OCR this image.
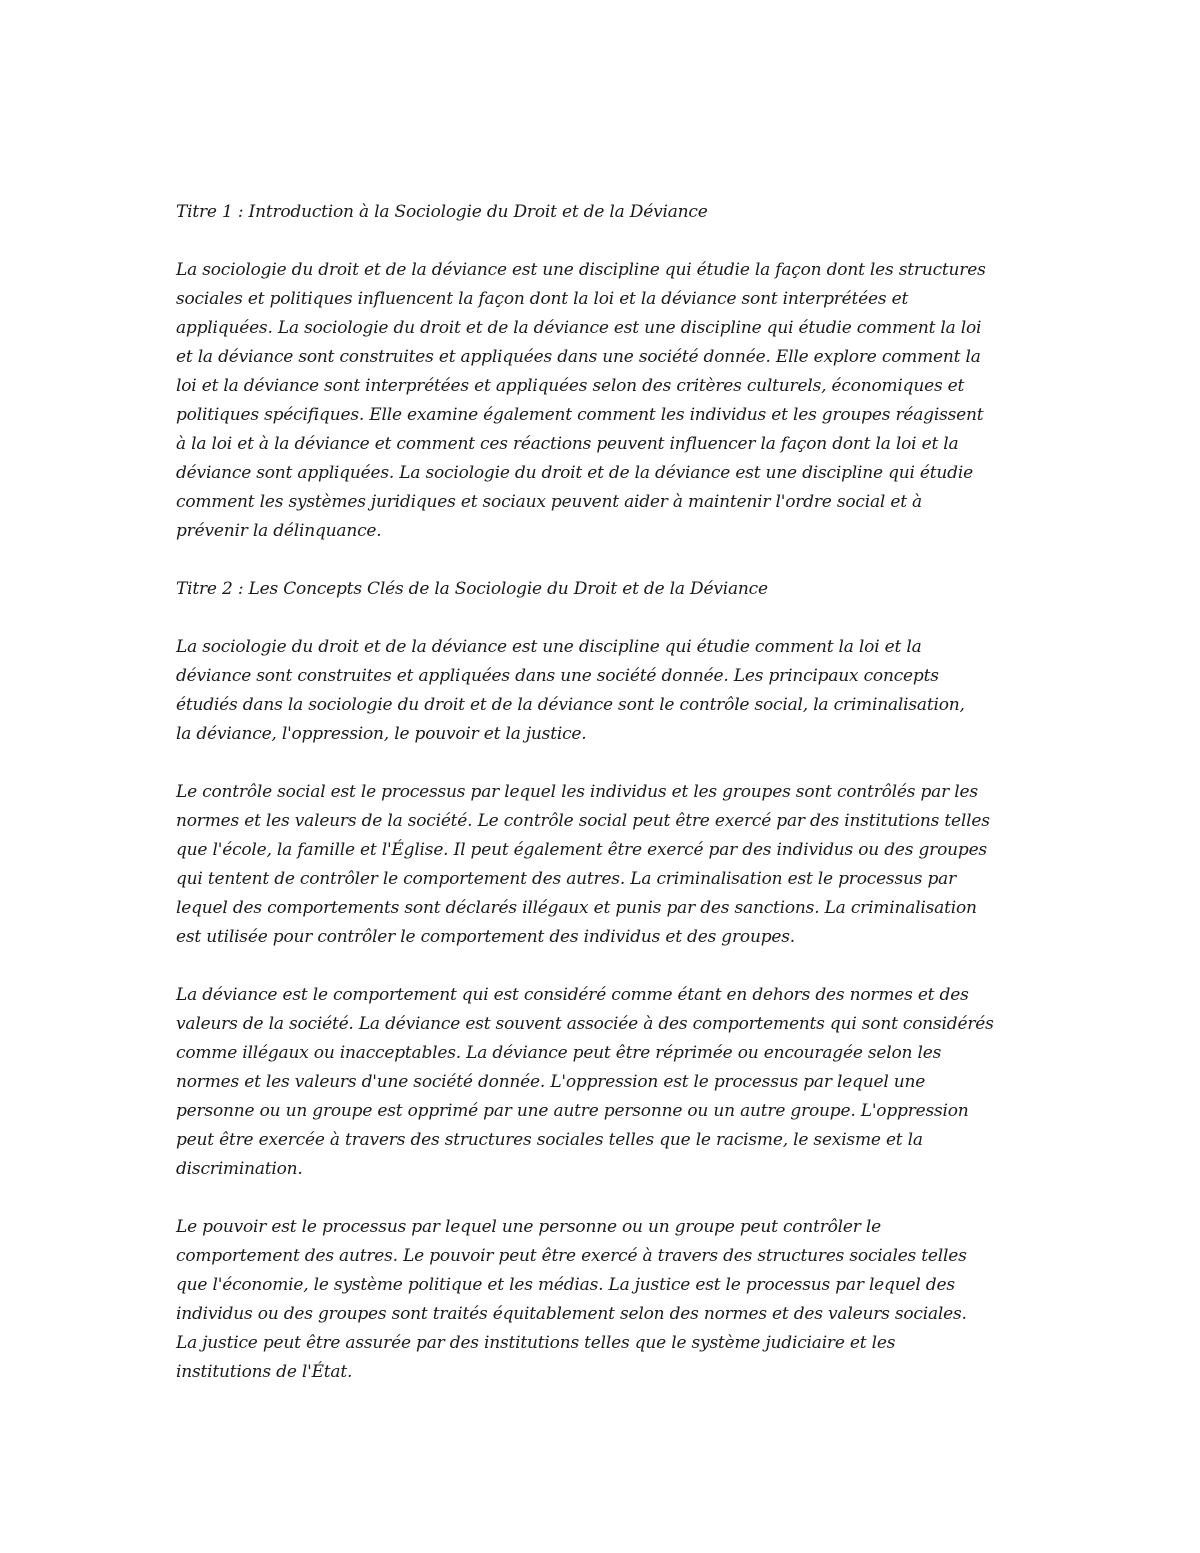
Titre 1 : Introduction à la Sociologie du Droit et de la Déviance
La sociologie du droit et de la déviance est une discipline qui étudie la façon dont les structures
sociales et politiques influencent la façon dont la loi et la déviance sont interprétées et
appliquées. La sociologie du droit et de la déviance est une discipline qui étudie comment la loi
et la déviance sont construites et appliquées dans une société donnée. Elle explore comment la
loi et la déviance sont interprétées et appliquées selon des critères culturels, économiques et
politiques spécifiques. Elle examine également comment les individus et les groupes réagissent
à la loi et à la déviance et comment ces réactions peuvent influencer la façon dont la loi et la
déviance sont appliquées. La sociologie du droit et de la déviance est une discipline qui étudie
comment les systèmes juridiques et sociaux peuvent aider à maintenir l'ordre social et à
prévenir la délinquance.
Titre 2 : Les Concepts Clés de la Sociologie du Droit et de la Déviance
La sociologie du droit et de la déviance est une discipline qui étudie comment la loi et la
déviance sont construites et appliquées dans une société donnée. Les principaux concepts
étudiés dans la sociologie du droit et de la déviance sont le contrôle social, la criminalisation,
la déviance, l'oppression, le pouvoir et la justice.
Le contrôle social est le processus par lequel les individus et les groupes sont contrôlés par les
normes et les valeurs de la société. Le contrôle social peut être exercé par des institutions telles
que l'école, la famille et l'Église. Il peut également être exercé par des individus ou des groupes
qui tentent de contrôler le comportement des autres. La criminalisation est le processus par
lequel des comportements sont déclarés illégaux et punis par des sanctions. La criminalisation
est utilisée pour contrôler le comportement des individus et des groupes.
La déviance est le comportement qui est considéré comme étant en dehors des normes et des
valeurs de la société. La déviance est souvent associée à des comportements qui sont considérés
comme illégaux ou inacceptables. La déviance peut être réprimée ou encouragée selon les
normes et les valeurs d'une société donnée. L'oppression est le processus par lequel une
personne ou un groupe est opprimé par une autre personne ou un autre groupe. L'oppression
peut être exercée à travers des structures sociales telles que le racisme, le sexisme et la
discrimination.
Le pouvoir est le processus par lequel une personne ou un groupe peut contrôler le
comportement des autres. Le pouvoir peut être exercé à travers des structures sociales telles
que l'économie, le système politique et les médias. La justice est le processus par lequel des
individus ou des groupes sont traités équitablement selon des normes et des valeurs sociales.
La justice peut être assurée par des institutions telles que le système judiciaire et les
institutions de l'État.
